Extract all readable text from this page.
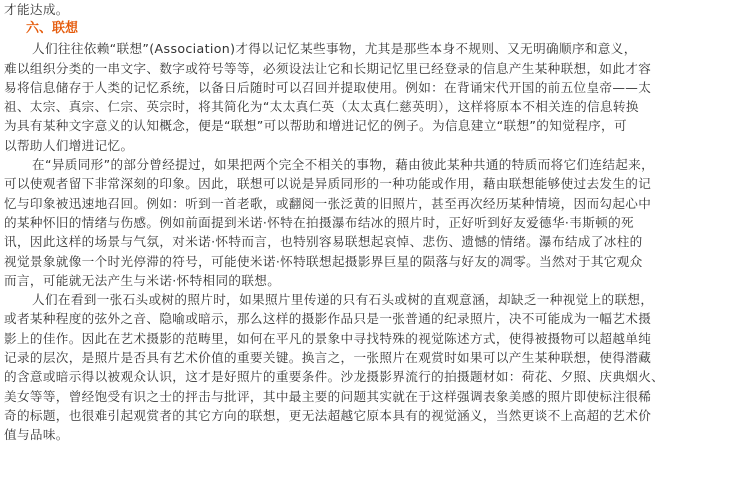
才能达成。
六、联想
人们往往依赖“联想”(Association)才得以记忆某些事物，尤其是那些本身不规则、又无明确顺序和意义，
难以组织分类的一串文字、数字或符号等等，必须设法让它和长期记忆里已经登录的信息产生某种联想，如此才容
易将信息储存于人类的记忆系统，以备日后随时可以召回并提取使用。例如：在背诵宋代开国的前五位皇帝——太
祖、太宗、真宗、仁宗、英宗时，将其简化为“太太真仁英（太太真仁慈英明），这样将原本不相关连的信息转换
为具有某种文字意义的认知概念，便是“联想”可以帮助和增进记忆的例子。为信息建立“联想”的知觉程序，可
以帮助人们增进记忆。
在“异质同形”的部分曾经提过，如果把两个完全不相关的事物，藉由彼此某种共通的特质而将它们连结起来，
可以使观者留下非常深刻的印象。因此，联想可以说是异质同形的一种功能或作用，藉由联想能够使过去发生的记
忆与印象被迅速地召回。例如：听到一首老歌，或翻阅一张泛黄的旧照片，甚至再次经历某种情境，因而勾起心中
的某种怀旧的情绪与伤感。例如前面提到米诺·怀特在拍摄瀑布结冰的照片时，正好听到好友爱德华·韦斯顿的死
讯，因此这样的场景与气氛，对米诺·怀特而言，也特别容易联想起哀悼、悲伤、遗憾的情绪。瀑布结成了冰柱的
视觉景象就像一个时光停滞的符号，可能使米诺·怀特联想起摄影界巨星的陨落与好友的凋零。当然对于其它观众
而言，可能就无法产生与米诺·怀特相同的联想。
人们在看到一张石头或树的照片时，如果照片里传递的只有石头或树的直观意涵，却缺乏一种视觉上的联想，
或者某种程度的弦外之音、隐喻或暗示，那么这样的摄影作品只是一张普通的纪录照片，决不可能成为一幅艺术摄
影上的佳作。因此在艺术摄影的范畴里，如何在平凡的景象中寻找特殊的视觉陈述方式，使得被摄物可以超越单纯
记录的层次，是照片是否具有艺术价值的重要关键。换言之，一张照片在观赏时如果可以产生某种联想，使得潜藏
的含意或暗示得以被观众认识，这才是好照片的重要条件。沙龙摄影界流行的拍摄题材如：荷花、夕照、庆典烟火、
美女等等，曾经饱受有识之士的抨击与批评，其中最主要的问题其实就在于这样强调表象美感的照片即使标注很稀
奇的标题，也很难引起观赏者的其它方向的联想，更无法超越它原本具有的视觉涵义，当然更谈不上高超的艺术价
值与品味。
